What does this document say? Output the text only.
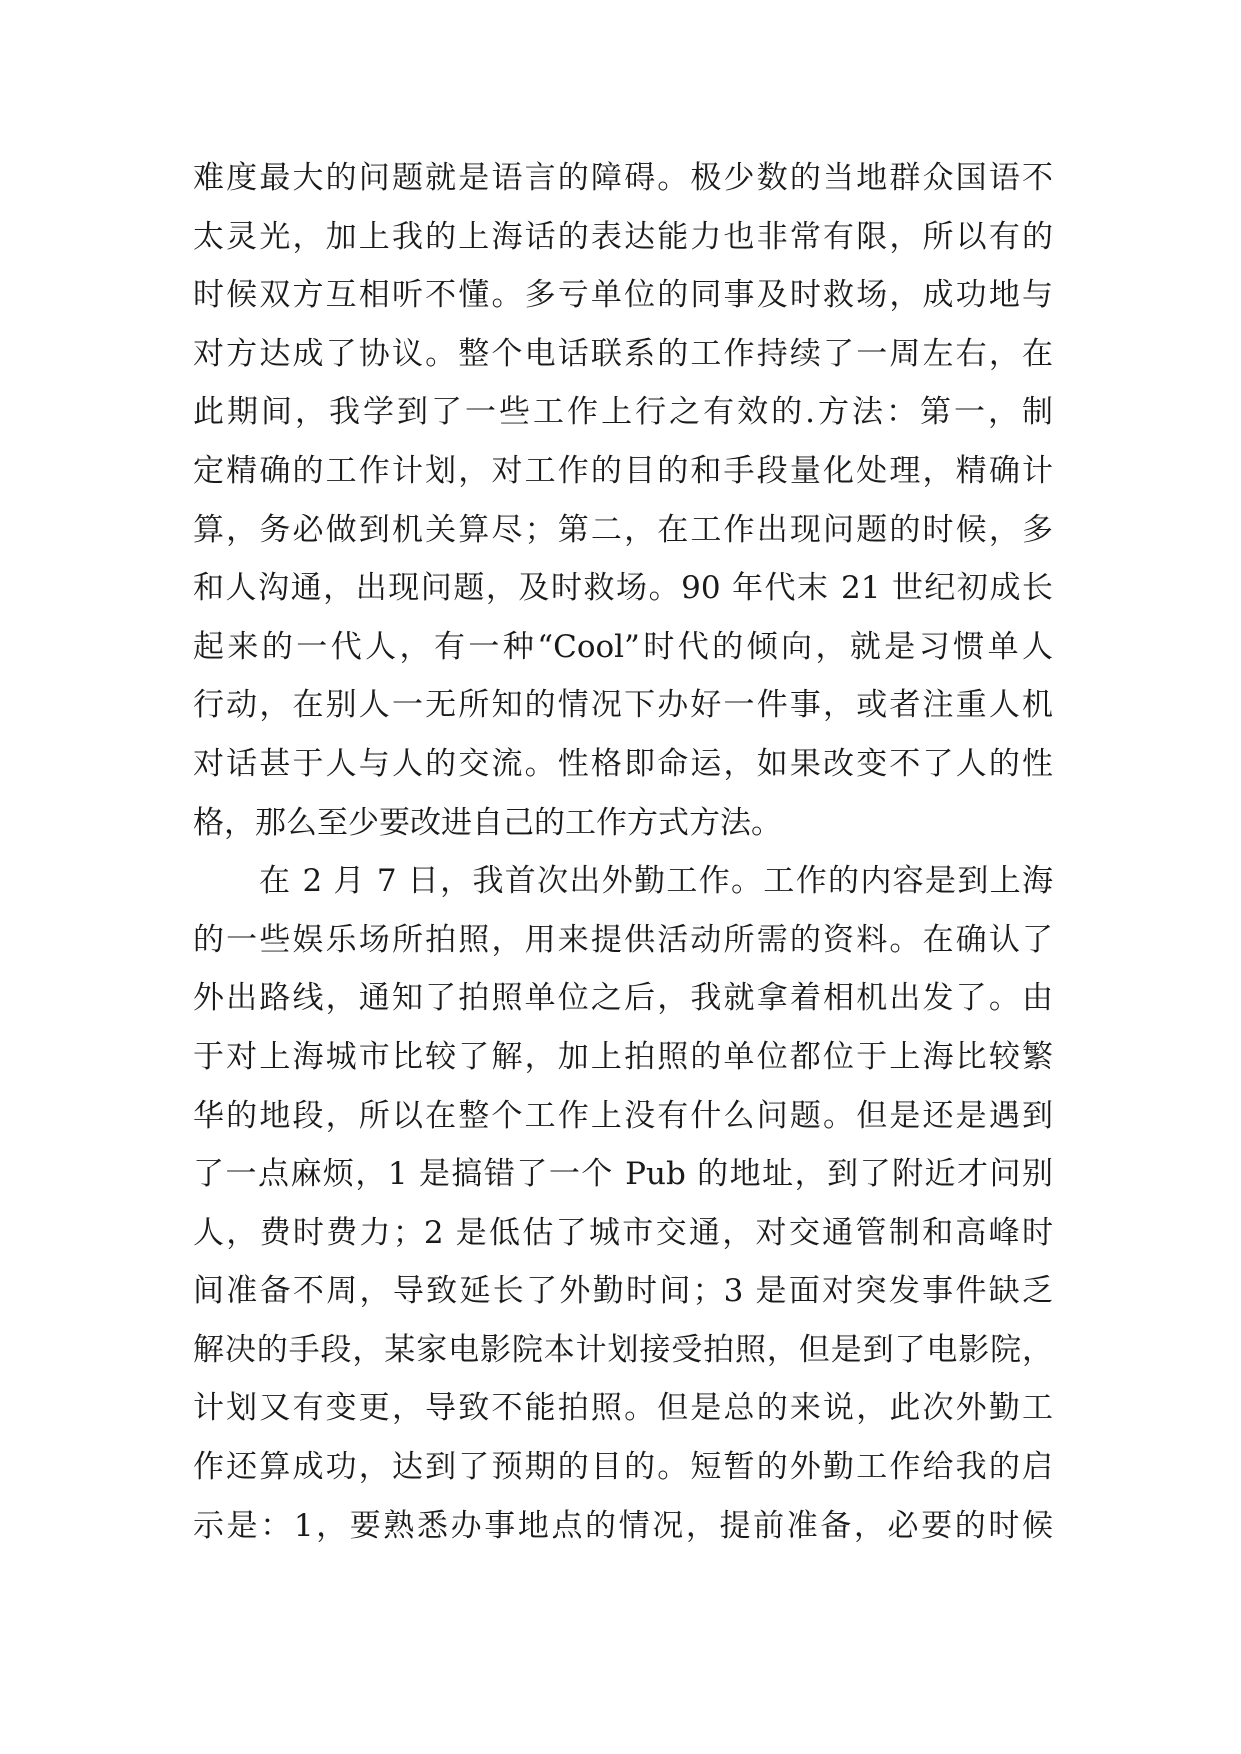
难度最大的问题就是语言的障碍。极少数的当地群众国语不
太灵光，加上我的上海话的表达能力也非常有限，所以有的
时候双方互相听不懂。多亏单位的同事及时救场，成功地与
对方达成了协议。整个电话联系的工作持续了一周左右，在
此期间，我学到了一些工作上行之有效的.方法：第一，制
定精确的工作计划，对工作的目的和手段量化处理，精确计
算，务必做到机关算尽；第二，在工作出现问题的时候，多
和人沟通，出现问题，及时救场。90 年代末 21 世纪初成长
起来的一代人，有一种“Cool”时代的倾向，就是习惯单人
行动，在别人一无所知的情况下办好一件事，或者注重人机
对话甚于人与人的交流。性格即命运，如果改变不了人的性
格，那么至少要改进自己的工作方式方法。
在 2 月 7 日，我首次出外勤工作。工作的内容是到上海
的一些娱乐场所拍照，用来提供活动所需的资料。在确认了
外出路线，通知了拍照单位之后，我就拿着相机出发了。由
于对上海城市比较了解，加上拍照的单位都位于上海比较繁
华的地段，所以在整个工作上没有什么问题。但是还是遇到
了一点麻烦，1 是搞错了一个 Pub 的地址，到了附近才问别
人，费时费力；2 是低估了城市交通，对交通管制和高峰时
间准备不周，导致延长了外勤时间；3 是面对突发事件缺乏
解决的手段，某家电影院本计划接受拍照，但是到了电影院，
计划又有变更，导致不能拍照。但是总的来说，此次外勤工
作还算成功，达到了预期的目的。短暂的外勤工作给我的启
示是：1，要熟悉办事地点的情况，提前准备，必要的时候
